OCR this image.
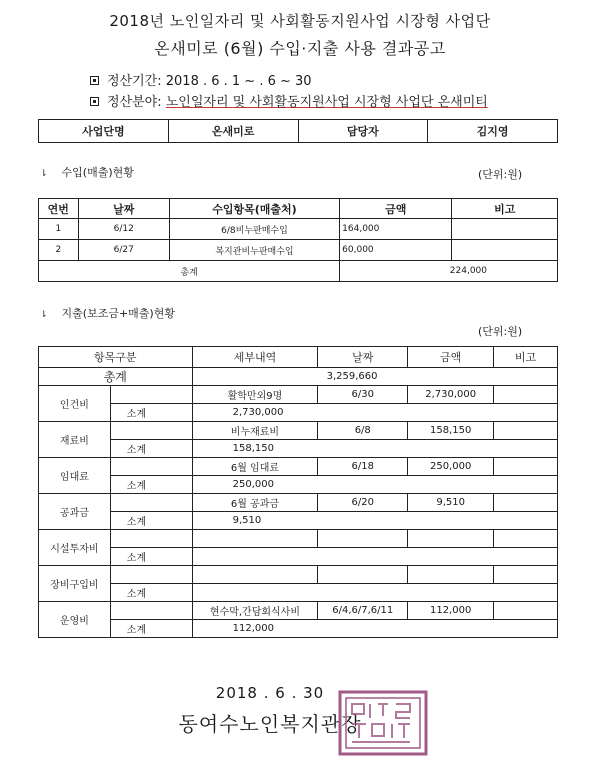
2018년 노인일자리 및 사회활동지원사업 시장형 사업단
온새미로 (6월) 수입·지출 사용 결과공고
정산기간: 2018 . 6 . 1 ~ . 6 ~ 30
정산분야: 노인일자리 및 사회활동지원사업 시장형 사업단 온새미티
사업단명	온새미로	담당자	김지영
⇂ 수입(매출)현황	(단위:원)
연번	날짜	수입항목(매출처)	금액	비고
1	6/12	6/8비누판매수입	164,000	
2	6/27	복지관비누판매수입	60,000	
총계			224,000	
⇂ 지출(보조금+매출)현황
(단위:원)
항목구분		세부내역	날짜	금액	비고
총계		3,259,660			
인건비		활학만외9명	6/30	2,730,000	
	소계	2,730,000			
재료비		비누재료비	6/8	158,150	
	소계	158,150			
임대료		6월 임대료	6/18	250,000	
	소계	250,000			
공과금		6월 공과금	6/20	9,510	
	소계	9,510			
시설투자비					
	소계				
장비구입비					
	소계				
운영비		현수막,간담회식사비	6/4,6/7,6/11	112,000	
	소계	112,000			
2018 . 6 . 30
동여수노인복지관장
